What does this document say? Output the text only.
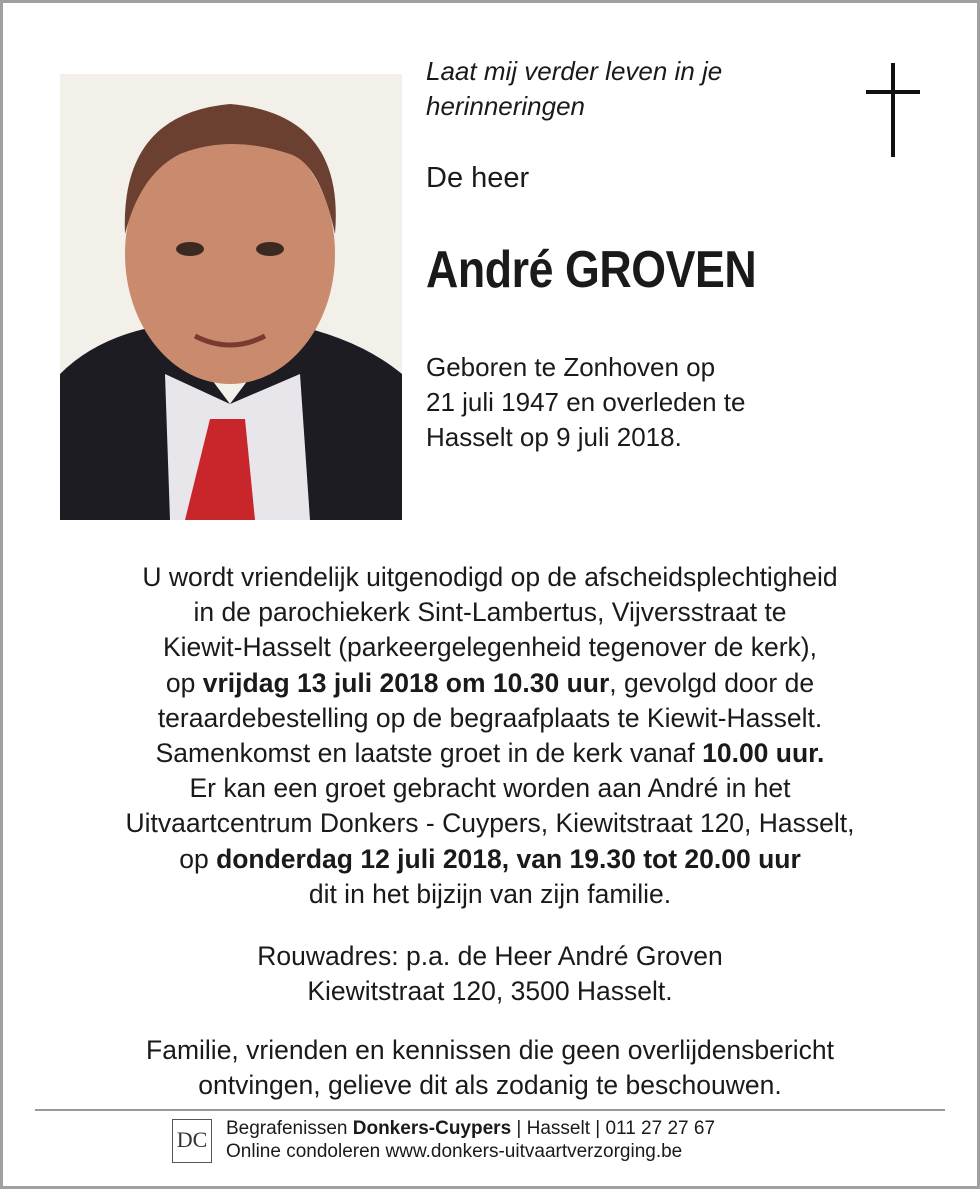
Laat mij verder leven in je
herinneringen
De heer
André GROVEN
Geboren te Zonhoven op
21 juli 1947 en overleden te
Hasselt op 9 juli 2018.
U wordt vriendelijk uitgenodigd op de afscheidsplechtigheid
in de parochiekerk Sint-Lambertus, Vijversstraat te
Kiewit-Hasselt (parkeergelegenheid tegenover de kerk),
op vrijdag 13 juli 2018 om 10.30 uur, gevolgd door de
teraardebestelling op de begraafplaats te Kiewit-Hasselt.
Samenkomst en laatste groet in de kerk vanaf 10.00 uur.
Er kan een groet gebracht worden aan André in het
Uitvaartcentrum Donkers - Cuypers, Kiewitstraat 120, Hasselt,
op donderdag 12 juli 2018, van 19.30 tot 20.00 uur
dit in het bijzijn van zijn familie.
Rouwadres: p.a. de Heer André Groven
Kiewitstraat 120, 3500 Hasselt.
Familie, vrienden en kennissen die geen overlijdensbericht
ontvingen, gelieve dit als zodanig te beschouwen.
DC Begrafenissen Donkers-Cuypers | Hasselt | 011 27 27 67
Online condoleren www.donkers-uitvaartverzorging.be
